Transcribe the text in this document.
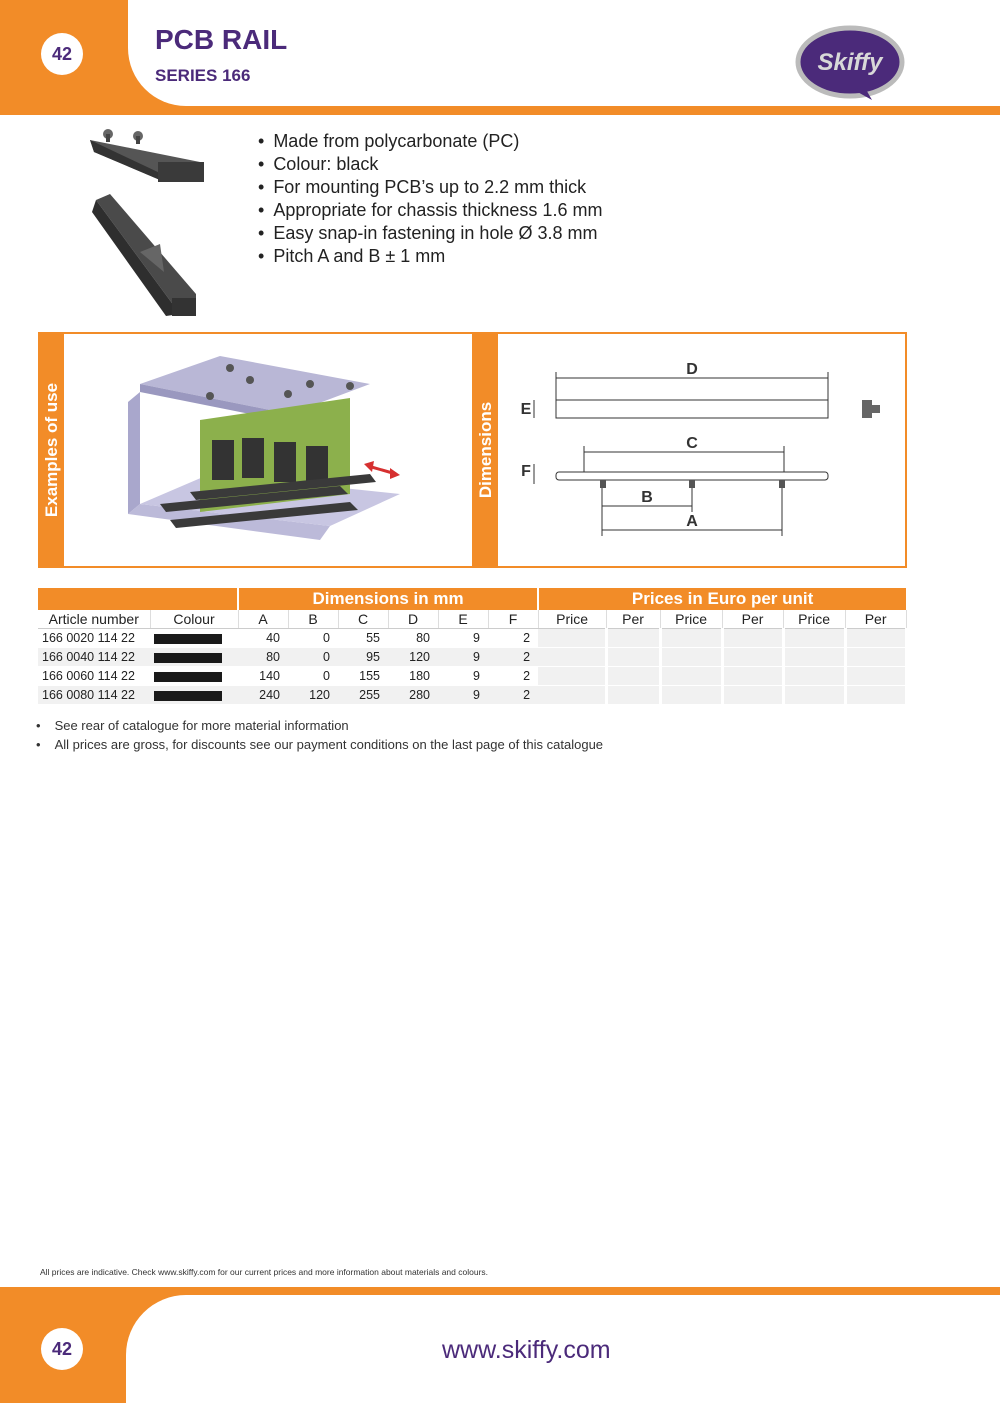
42	PCB RAIL
SERIES 166	Skiffy
• Made from polycarbonate (PC)
• Colour: black
• For mounting PCB’s up to 2.2 mm thick
• Appropriate for chassis thickness 1.6 mm
• Easy snap-in fastening in hole Ø 3.8 mm
• Pitch A and B ± 1 mm
Examples of use	Dimensions
D
E
C
F
B
A
		Dimensions in mm						Prices in Euro per unit					
Article number	Colour	A	B	C	D	E	F	Price	Per	Price	Per	Price	Per
166 0020 114 22		40	0	55	80	9	2						
166 0040 114 22		80	0	95	120	9	2						
166 0060 114 22		140	0	155	180	9	2						
166 0080 114 22		240	120	255	280	9	2						
• See rear of catalogue for more material information
• All prices are gross, for discounts see our payment conditions on the last page of this catalogue

All prices are indicative. Check www.skiffy.com for our current prices and more information about materials and colours.

42	www.skiffy.com
